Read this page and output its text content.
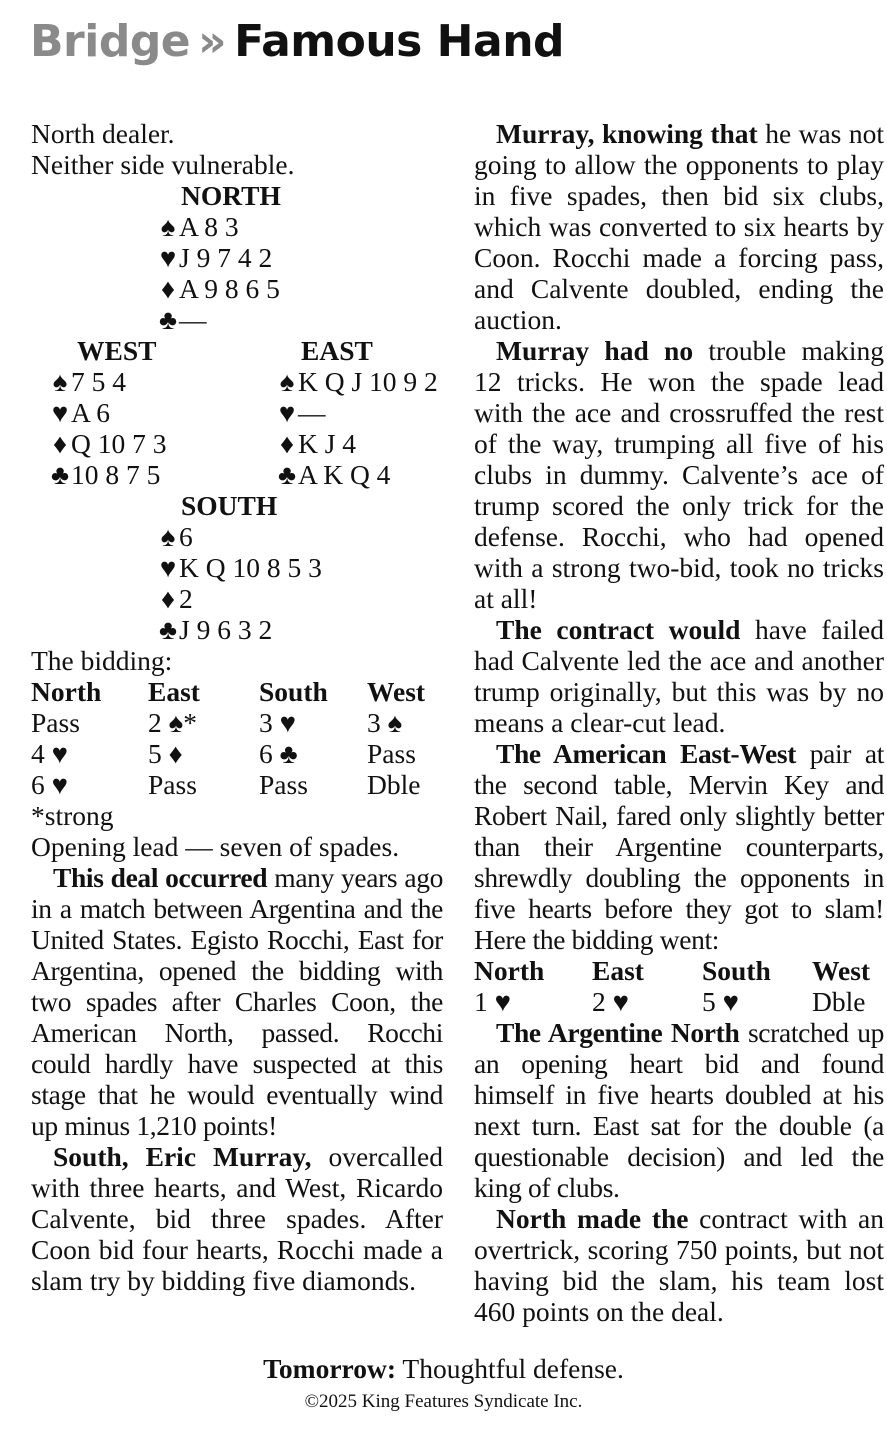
Bridge » Famous Hand
North dealer.
Neither side vulnerable.
NORTH
♠ A 8 3
♥ J 9 7 4 2
♦ A 9 8 6 5
♣—
WEST	EAST
♠ 7 5 4	♠ K Q J 10 9 2
♥ A 6	♥ —
♦ Q 10 7 3	♦ K J 4
♣10 8 7 5	♣A K Q 4
SOUTH
♠ 6
♥ K Q 10 8 5 3
♦ 2
♣J 9 6 3 2
The bidding:
North	East	South	West
Pass	2 ♠*	3 ♥	3 ♠
4 ♥	5 ♦	6 ♣	Pass
6 ♥	Pass	Pass	Dble
*strong
Opening lead — seven of spades.

This deal occurred many years ago in a match between Argentina and the United States. Egisto Rocchi, East for Argentina, opened the bidding with two spades after Charles Coon, the American North, passed. Rocchi could hardly have suspected at this stage that he would eventually wind up minus 1,210 points!

South, Eric Murray, overcalled with three hearts, and West, Ricardo Calvente, bid three spades. After Coon bid four hearts, Rocchi made a slam try by bidding five diamonds.

Murray, knowing that he was not going to allow the opponents to play in five spades, then bid six clubs, which was converted to six hearts by Coon. Rocchi made a forcing pass, and Calvente doubled, ending the auction.

Murray had no trouble making 12 tricks. He won the spade lead with the ace and crossruffed the rest of the way, trumping all five of his clubs in dummy. Calvente’s ace of trump scored the only trick for the defense. Rocchi, who had opened with a strong two-bid, took no tricks at all!

The contract would have failed had Calvente led the ace and another trump originally, but this was by no means a clear-cut lead.

The American East-West pair at the second table, Mervin Key and Robert Nail, fared only slightly better than their Argentine counterparts, shrewdly doubling the opponents in five hearts before they got to slam! Here the bidding went:

North	East	South	West
1 ♥	2 ♥	5 ♥	Dble

The Argentine North scratched up an opening heart bid and found himself in five hearts doubled at his next turn. East sat for the double (a questionable decision) and led the king of clubs.

North made the contract with an overtrick, scoring 750 points, but not having bid the slam, his team lost 460 points on the deal.

Tomorrow: Thoughtful defense.
©2025 King Features Syndicate Inc.
